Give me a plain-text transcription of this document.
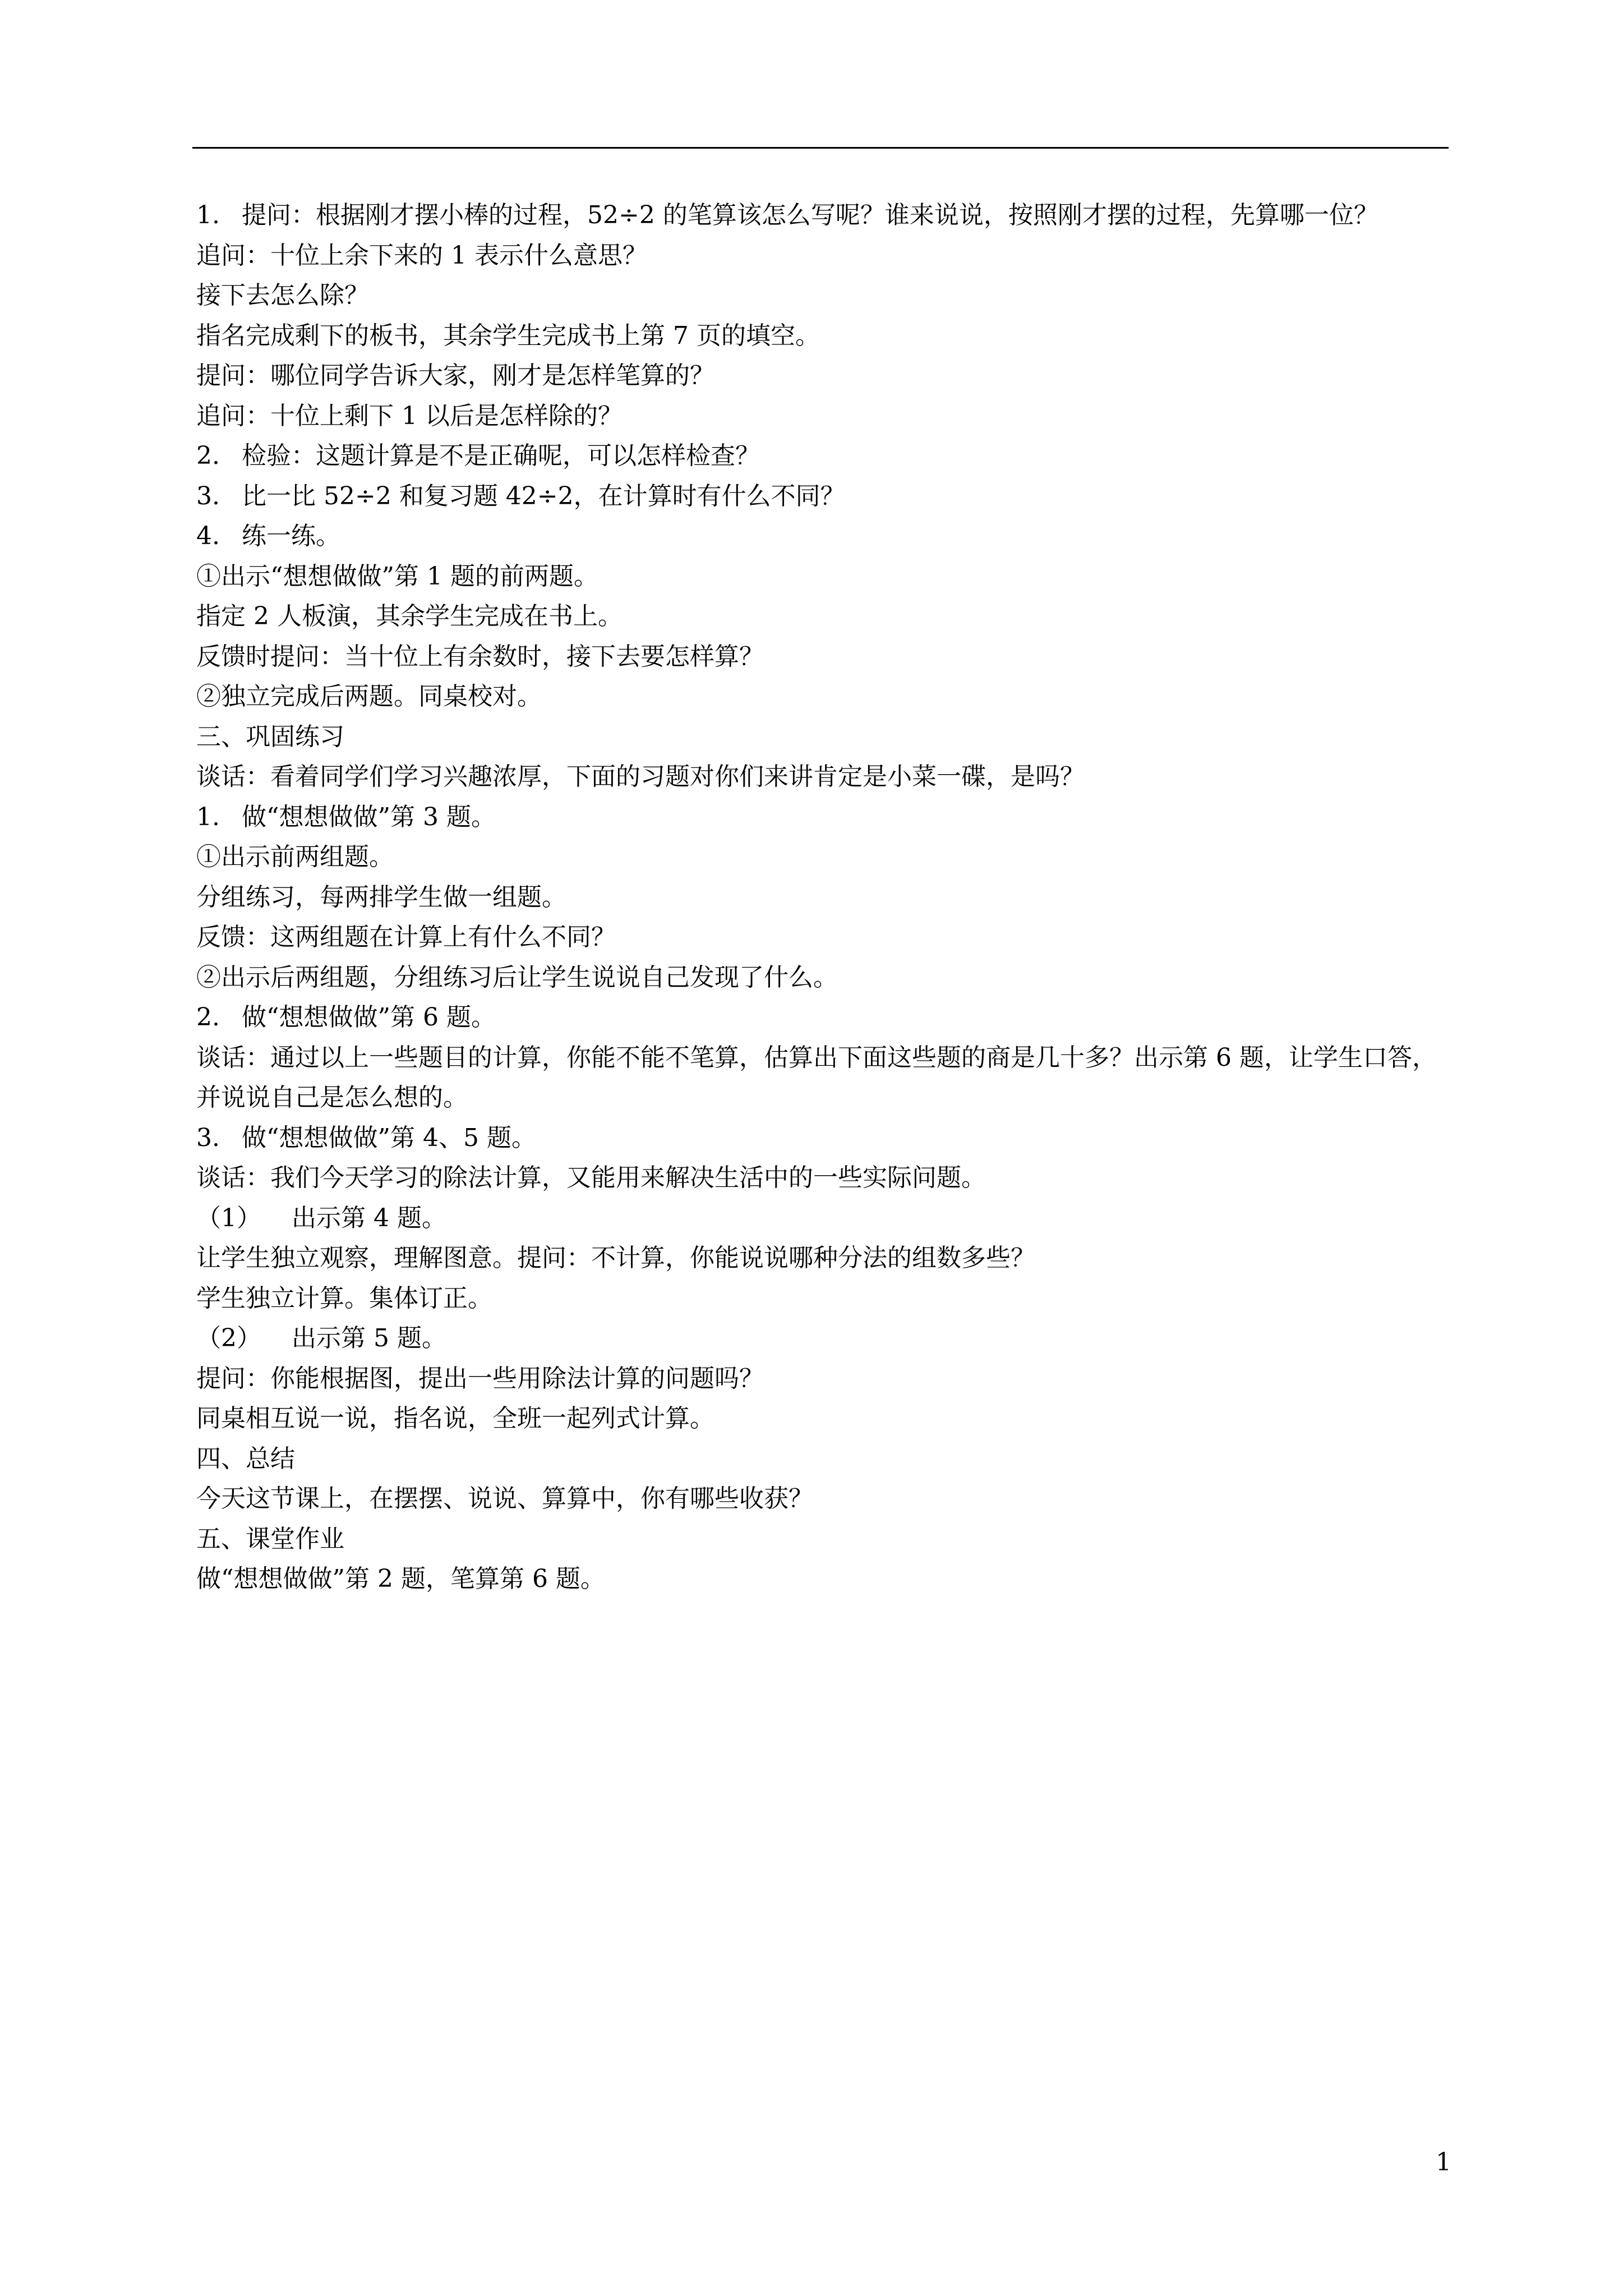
1. 提问：根据刚才摆小棒的过程，52÷2 的笔算该怎么写呢？谁来说说，按照刚才摆的过程，先算哪一位？

追问：十位上余下来的 1 表示什么意思？

接下去怎么除？

指名完成剩下的板书，其余学生完成书上第 7 页的填空。

提问：哪位同学告诉大家，刚才是怎样笔算的？

追问：十位上剩下 1 以后是怎样除的？

2. 检验：这题计算是不是正确呢，可以怎样检查？

3. 比一比 52÷2 和复习题 42÷2，在计算时有什么不同？

4. 练一练。

①出示“想想做做”第 1 题的前两题。

指定 2 人板演，其余学生完成在书上。

反馈时提问：当十位上有余数时，接下去要怎样算？

②独立完成后两题。同桌校对。

三、巩固练习

谈话：看着同学们学习兴趣浓厚，下面的习题对你们来讲肯定是小菜一碟，是吗？

1. 做“想想做做”第 3 题。

①出示前两组题。

分组练习，每两排学生做一组题。

反馈：这两组题在计算上有什么不同？

②出示后两组题，分组练习后让学生说说自己发现了什么。

2. 做“想想做做”第 6 题。

谈话：通过以上一些题目的计算，你能不能不笔算，估算出下面这些题的商是几十多？出示第 6 题，让学生口答，并说说自己是怎么想的。

3. 做“想想做做”第 4、5 题。

谈话：我们今天学习的除法计算，又能用来解决生活中的一些实际问题。

（1） 出示第 4 题。

让学生独立观察，理解图意。提问：不计算，你能说说哪种分法的组数多些？

学生独立计算。集体订正。

（2） 出示第 5 题。

提问：你能根据图，提出一些用除法计算的问题吗？

同桌相互说一说，指名说，全班一起列式计算。

四、总结

今天这节课上，在摆摆、说说、算算中，你有哪些收获？

五、课堂作业

做“想想做做”第 2 题，笔算第 6 题。

1
